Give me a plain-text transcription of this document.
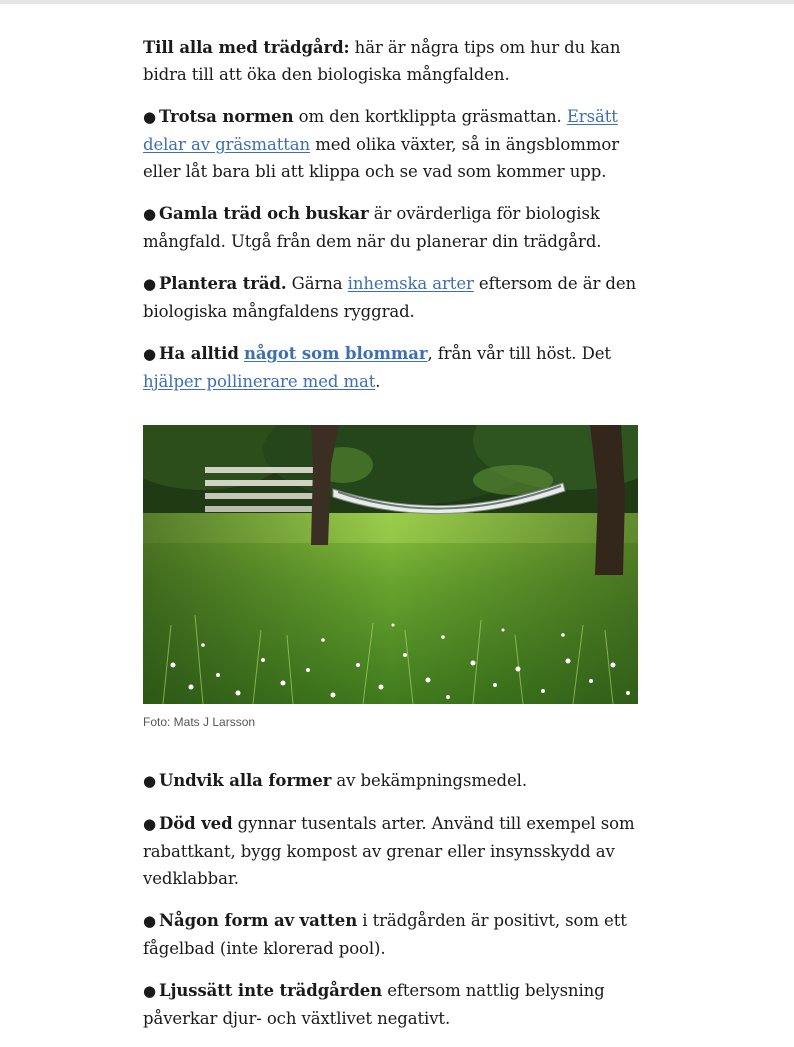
Till alla med trädgård: här är några tips om hur du kan bidra till att öka den biologiska mångfalden.

● Trotsa normen om den kortklippta gräsmattan. Ersätt delar av gräsmattan med olika växter, så in ängsblommor eller låt bara bli att klippa och se vad som kommer upp.

● Gamla träd och buskar är ovärderliga för biologisk mångfald. Utgå från dem när du planerar din trädgård.

● Plantera träd. Gärna inhemska arter eftersom de är den biologiska mångfaldens ryggrad.

● Ha alltid något som blommar, från vår till höst. Det hjälper pollinerare med mat.

Foto: Mats J Larsson

● Undvik alla former av bekämpningsmedel.

● Död ved gynnar tusentals arter. Använd till exempel som rabattkant, bygg kompost av grenar eller insynsskydd av vedklabbar.

● Någon form av vatten i trädgården är positivt, som ett fågelbad (inte klorerad pool).

● Ljussätt inte trädgården eftersom nattlig belysning påverkar djur- och växtlivet negativt.
